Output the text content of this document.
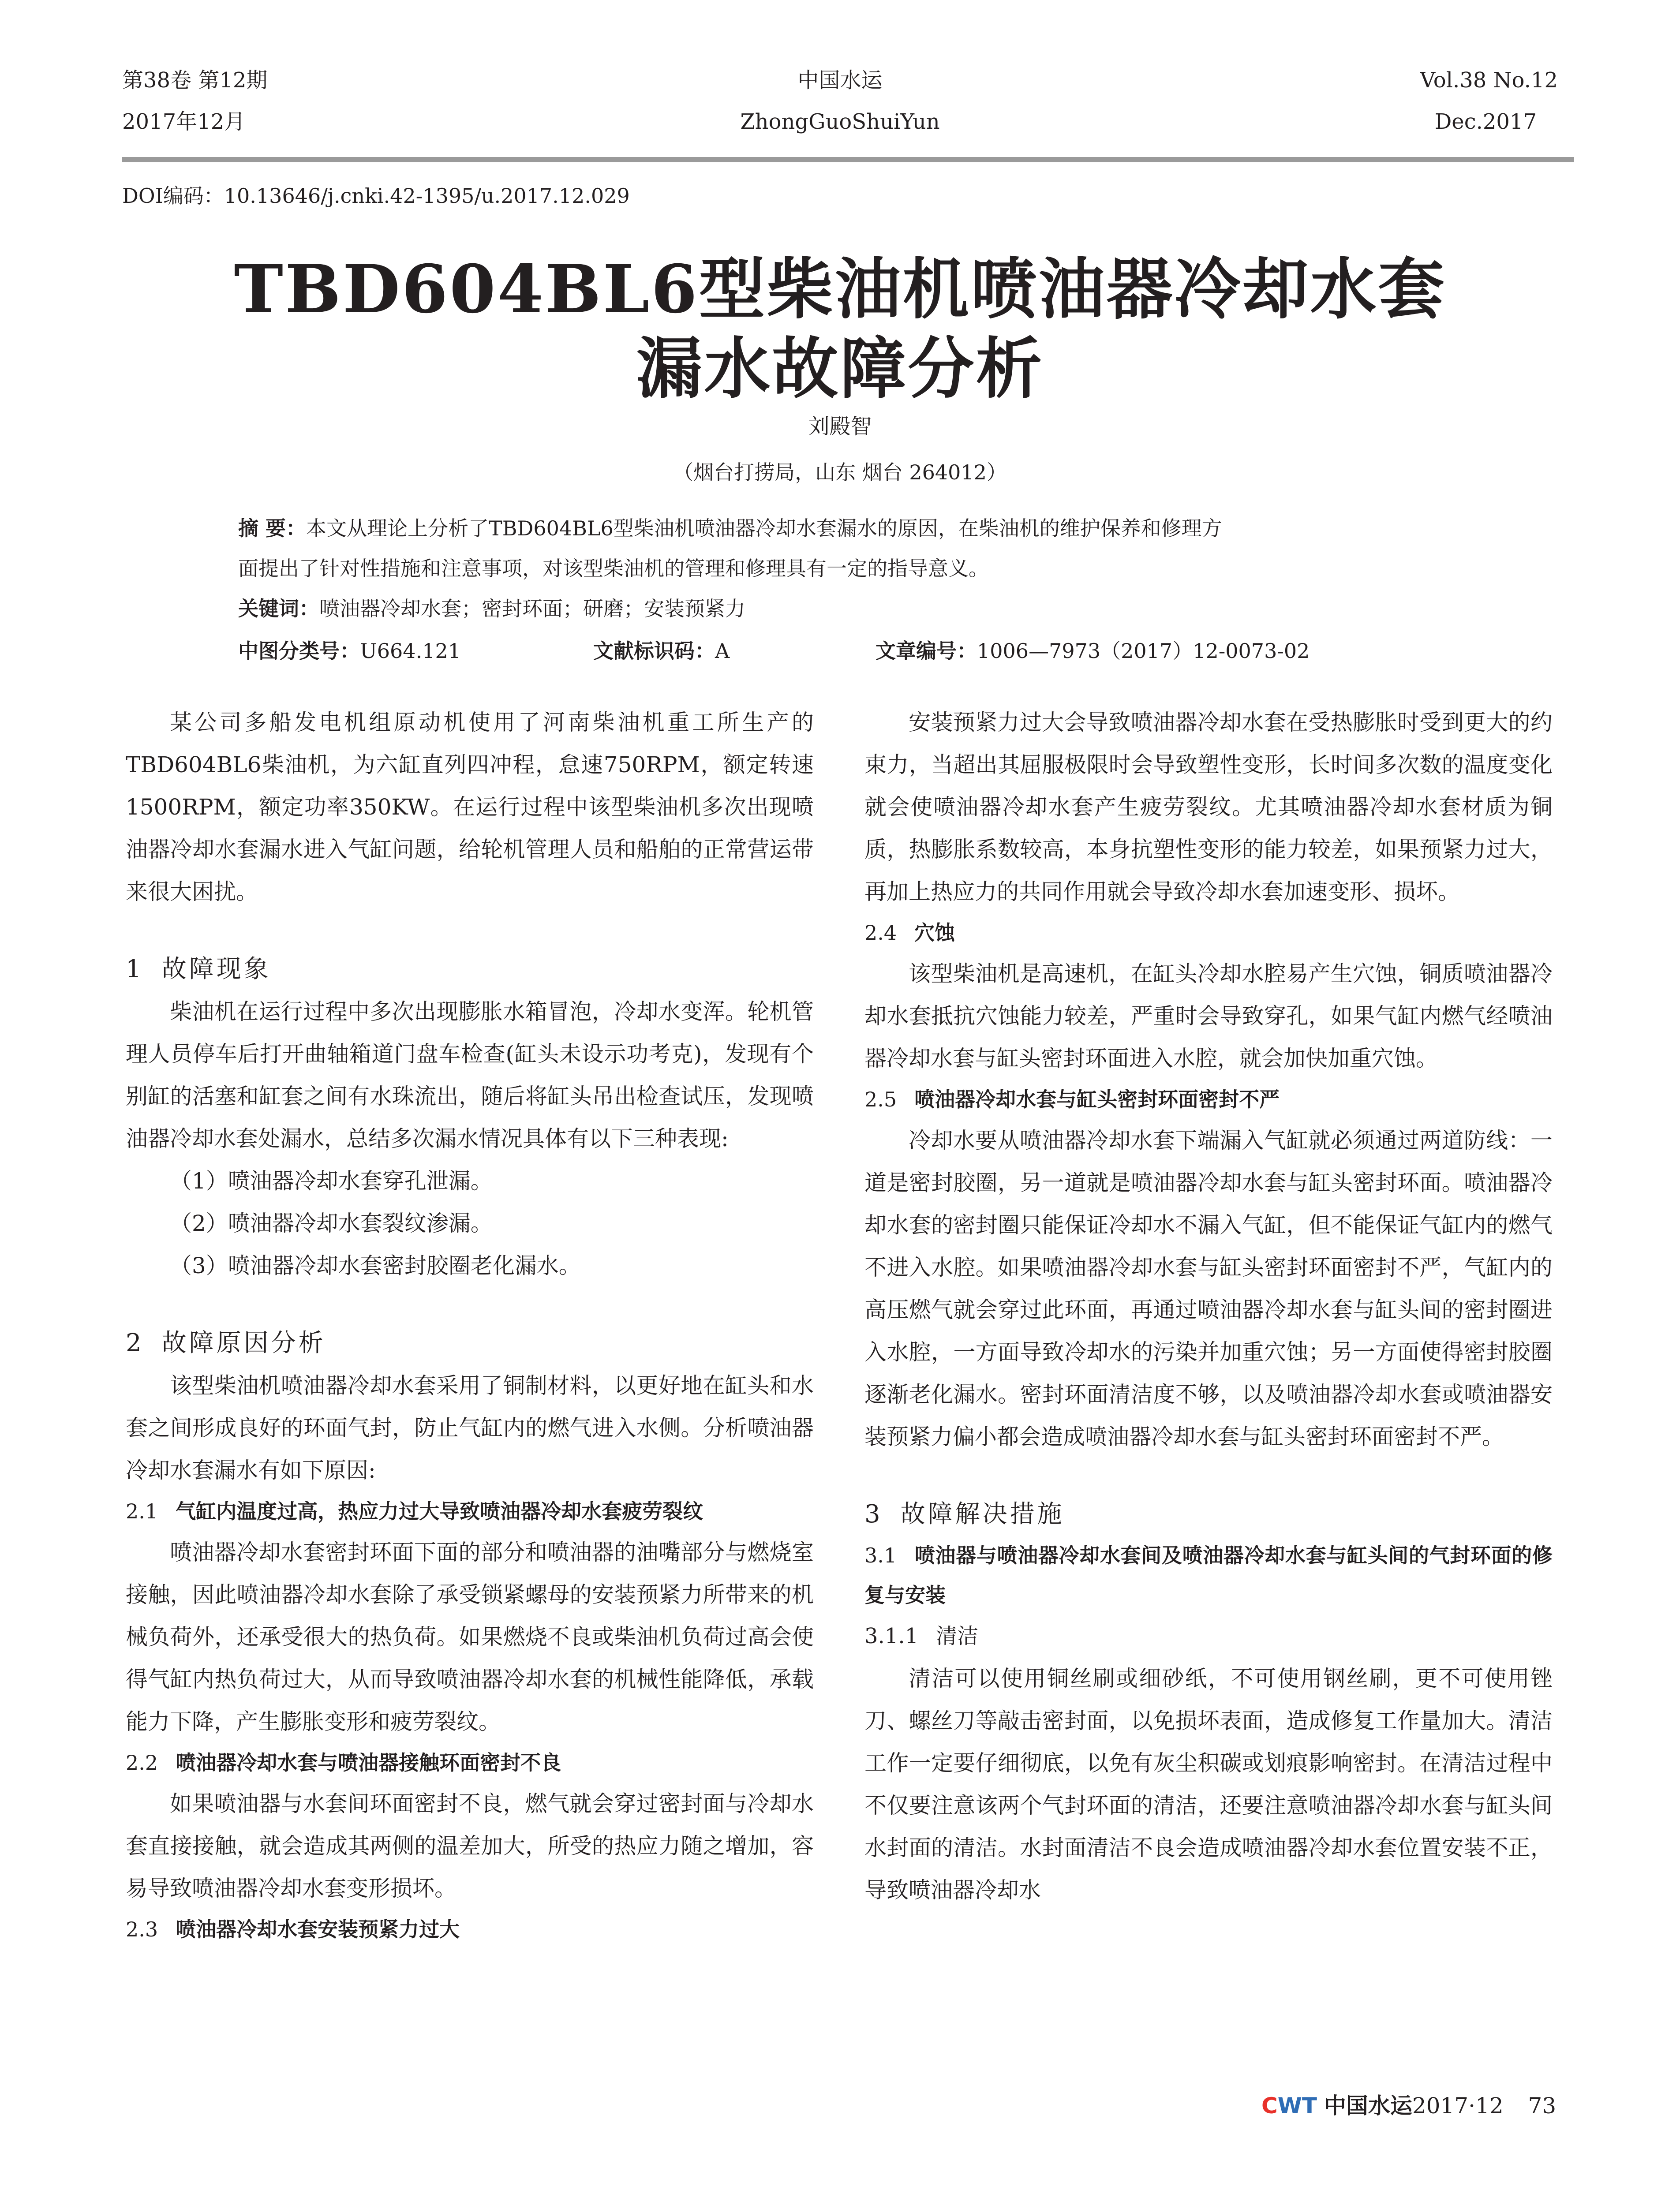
第38卷 第12期
2017年12月
中国水运
ZhongGuoShuiYun
Vol.38 No.12
Dec.2017
DOI编码：10.13646/j.cnki.42-1395/u.2017.12.029
TBD604BL6型柴油机喷油器冷却水套
漏水故障分析
刘殿智
（烟台打捞局，山东 烟台 264012）
摘 要：本文从理论上分析了TBD604BL6型柴油机喷油器冷却水套漏水的原因，在柴油机的维护保养和修理方
面提出了针对性措施和注意事项，对该型柴油机的管理和修理具有一定的指导意义。
关键词：喷油器冷却水套；密封环面；研磨；安装预紧力
中图分类号：U664.121	文献标识码：A	文章编号：1006—7973（2017）12-0073-02

某公司多船发电机组原动机使用了河南柴油机重工所生产的TBD604BL6柴油机，为六缸直列四冲程，怠速750RPM，额定转速1500RPM，额定功率350KW。在运行过程中该型柴油机多次出现喷油器冷却水套漏水进入气缸问题，给轮机管理人员和船舶的正常营运带来很大困扰。

1 故障现象

柴油机在运行过程中多次出现膨胀水箱冒泡，冷却水变浑。轮机管理人员停车后打开曲轴箱道门盘车检查(缸头未设示功考克)，发现有个别缸的活塞和缸套之间有水珠流出，随后将缸头吊出检查试压，发现喷油器冷却水套处漏水，总结多次漏水情况具体有以下三种表现:

（1）喷油器冷却水套穿孔泄漏。
（2）喷油器冷却水套裂纹渗漏。
（3）喷油器冷却水套密封胶圈老化漏水。
2 故障原因分析

该型柴油机喷油器冷却水套采用了铜制材料，以更好地在缸头和水套之间形成良好的环面气封，防止气缸内的燃气进入水侧。分析喷油器冷却水套漏水有如下原因:

2.1 气缸内温度过高，热应力过大导致喷油器冷却水套疲劳裂纹

喷油器冷却水套密封环面下面的部分和喷油器的油嘴部分与燃烧室接触，因此喷油器冷却水套除了承受锁紧螺母的安装预紧力所带来的机械负荷外，还承受很大的热负荷。如果燃烧不良或柴油机负荷过高会使得气缸内热负荷过大，从而导致喷油器冷却水套的机械性能降低，承载能力下降，产生膨胀变形和疲劳裂纹。

2.2 喷油器冷却水套与喷油器接触环面密封不良

如果喷油器与水套间环面密封不良，燃气就会穿过密封面与冷却水套直接接触，就会造成其两侧的温差加大，所受的热应力随之增加，容易导致喷油器冷却水套变形损坏。

2.3 喷油器冷却水套安装预紧力过大

安装预紧力过大会导致喷油器冷却水套在受热膨胀时受到更大的约束力，当超出其屈服极限时会导致塑性变形，长时间多次数的温度变化就会使喷油器冷却水套产生疲劳裂纹。尤其喷油器冷却水套材质为铜质，热膨胀系数较高，本身抗塑性变形的能力较差，如果预紧力过大，再加上热应力的共同作用就会导致冷却水套加速变形、损坏。

2.4 穴蚀

该型柴油机是高速机，在缸头冷却水腔易产生穴蚀，铜质喷油器冷却水套抵抗穴蚀能力较差，严重时会导致穿孔，如果气缸内燃气经喷油器冷却水套与缸头密封环面进入水腔，就会加快加重穴蚀。

2.5 喷油器冷却水套与缸头密封环面密封不严

冷却水要从喷油器冷却水套下端漏入气缸就必须通过两道防线：一道是密封胶圈，另一道就是喷油器冷却水套与缸头密封环面。喷油器冷却水套的密封圈只能保证冷却水不漏入气缸，但不能保证气缸内的燃气不进入水腔。如果喷油器冷却水套与缸头密封环面密封不严，气缸内的高压燃气就会穿过此环面，再通过喷油器冷却水套与缸头间的密封圈进入水腔，一方面导致冷却水的污染并加重穴蚀；另一方面使得密封胶圈逐渐老化漏水。密封环面清洁度不够，以及喷油器冷却水套或喷油器安装预紧力偏小都会造成喷油器冷却水套与缸头密封环面密封不严。

3 故障解决措施
3.1 喷油器与喷油器冷却水套间及喷油器冷却水套与缸头间的气封环面的修复与安装
3.1.1 清洁

清洁可以使用铜丝刷或细砂纸，不可使用钢丝刷，更不可使用锉刀、螺丝刀等敲击密封面，以免损坏表面，造成修复工作量加大。清洁工作一定要仔细彻底，以免有灰尘积碳或划痕影响密封。在清洁过程中不仅要注意该两个气封环面的清洁，还要注意喷油器冷却水套与缸头间水封面的清洁。水封面清洁不良会造成喷油器冷却水套位置安装不正，导致喷油器冷却水

CWT 中国水运2017·12 73
